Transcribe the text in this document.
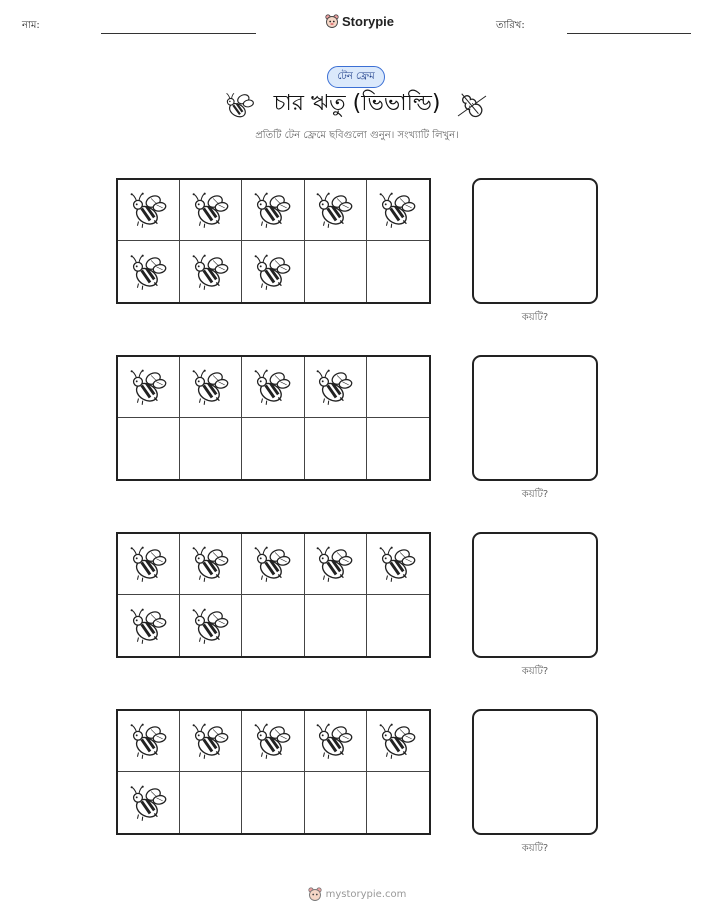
নাম:	Storypie	তারিখ:
টেন ফ্রেম
চার ঋতু (ভিভাল্ডি)
প্রতিটি টেন ফ্রেমে ছবিগুলো গুনুন। সংখ্যাটি লিখুন।
কয়টি?
কয়টি?
কয়টি?
কয়টি?
mystorypie.com
